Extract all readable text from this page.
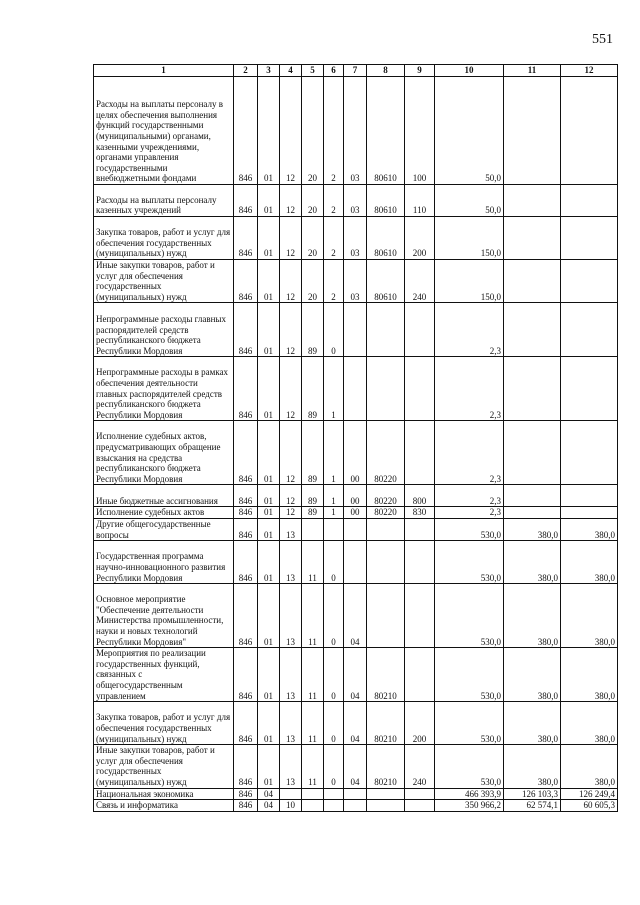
551
1	2	3	4	5	6	7	8	9	10	11	12
Расходы на выплаты персоналу в целях обеспечения выполнения функций государственными (муниципальными) органами, казенными учреждениями, органами управления государственными внебюджетными фондами	846	01	12	20	2	03	80610	100	50,0		
Расходы на выплаты персоналу казенных учреждений	846	01	12	20	2	03	80610	110	50,0		
Закупка товаров, работ и услуг для обеспечения государственных (муниципальных) нужд	846	01	12	20	2	03	80610	200	150,0		
Иные закупки товаров, работ и услуг для обеспечения государственных (муниципальных) нужд	846	01	12	20	2	03	80610	240	150,0		
Непрограммные расходы главных распорядителей средств республиканского бюджета Республики Мордовия	846	01	12	89	0				2,3		
Непрограммные расходы в рамках обеспечения деятельности главных распорядителей средств республиканского бюджета Республики Мордовия	846	01	12	89	1				2,3		
Исполнение судебных актов, предусматривающих обращение взыскания на средства республиканского бюджета Республики Мордовия	846	01	12	89	1	00	80220		2,3		
Иные бюджетные ассигнования	846	01	12	89	1	00	80220	800	2,3		
Исполнение судебных актов	846	01	12	89	1	00	80220	830	2,3		
Другие общегосударственные вопросы	846	01	13						530,0	380,0	380,0
Государственная программа научно-инновационного развития Республики Мордовия	846	01	13	11	0				530,0	380,0	380,0
Основное мероприятие "Обеспечение деятельности Министерства промышленности, науки и новых технологий Республики Мордовия"	846	01	13	11	0	04			530,0	380,0	380,0
Мероприятия по реализации государственных функций, связанных с общегосударственным управлением	846	01	13	11	0	04	80210		530,0	380,0	380,0
Закупка товаров, работ и услуг для обеспечения государственных (муниципальных) нужд	846	01	13	11	0	04	80210	200	530,0	380,0	380,0
Иные закупки товаров, работ и услуг для обеспечения государственных (муниципальных) нужд	846	01	13	11	0	04	80210	240	530,0	380,0	380,0
Национальная экономика	846	04							466 393,9	126 103,3	126 249,4
Связь и информатика	846	04	10						350 966,2	62 574,1	60 605,3
